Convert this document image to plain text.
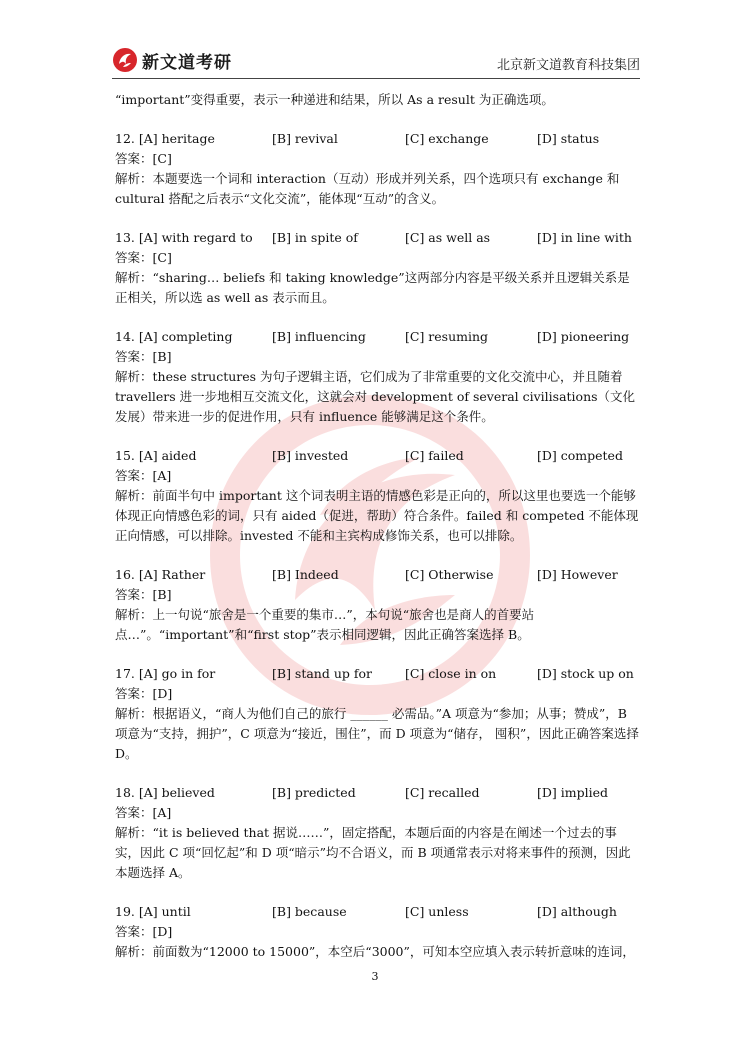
新文道考研	北京新文道教育科技集团

“important”变得重要，表示一种递进和结果，所以 As a result 为正确选项。

12. [A] heritage	[B] revival	[C] exchange	[D] status

答案：[C]

解析：本题要选一个词和 interaction（互动）形成并列关系，四个选项只有 exchange 和 cultural 搭配之后表示“文化交流”，能体现“互动”的含义。

13. [A] with regard to [B] in spite of	[C] as well as	[D] in line with

答案：[C]

解析：“sharing… beliefs 和 taking knowledge”这两部分内容是平级关系并且逻辑关系是正相关，所以选 as well as 表示而且。

14. [A] completing	[B] influencing	[C] resuming	[D] pioneering

答案：[B]

解析：these structures 为句子逻辑主语，它们成为了非常重要的文化交流中心，并且随着 travellers 进一步地相互交流文化，这就会对 development of several civilisations（文化发展）带来进一步的促进作用，只有 influence 能够满足这个条件。

15. [A] aided	[B] invested	[C] failed	[D] competed

答案：[A]

解析：前面半句中 important 这个词表明主语的情感色彩是正向的，所以这里也要选一个能够体现正向情感色彩的词，只有 aided（促进，帮助）符合条件。failed 和 competed 不能体现正向情感，可以排除。invested 不能和主宾构成修饰关系，也可以排除。

16. [A] Rather	[B] Indeed	[C] Otherwise	[D] However

答案：[B]

解析：上一句说“旅舍是一个重要的集市…”，本句说“旅舍也是商人的首要站点…”。“important”和“first stop”表示相同逻辑，因此正确答案选择 B。

17. [A] go in for	[B] stand up for	[C] close in on	[D] stock up on

答案：[D]

解析：根据语义，“商人为他们自己的旅行 ______ 必需品。”A 项意为“参加；从事；赞成”，B 项意为“支持，拥护”，C 项意为“接近，围住”，而 D 项意为“储存， 囤积”，因此正确答案选择 D。

18. [A] believed	[B] predicted	[C] recalled	[D] implied

答案：[A]

解析：“it is believed that 据说……”，固定搭配，本题后面的内容是在阐述一个过去的事实，因此 C 项“回忆起”和 D 项“暗示”均不合语义，而 B 项通常表示对将来事件的预测，因此本题选择 A。

19. [A] until	[B] because	[C] unless	[D] although

答案：[D]

解析：前面数为“12000 to 15000”，本空后“3000”，可知本空应填入表示转折意味的连词，

3
